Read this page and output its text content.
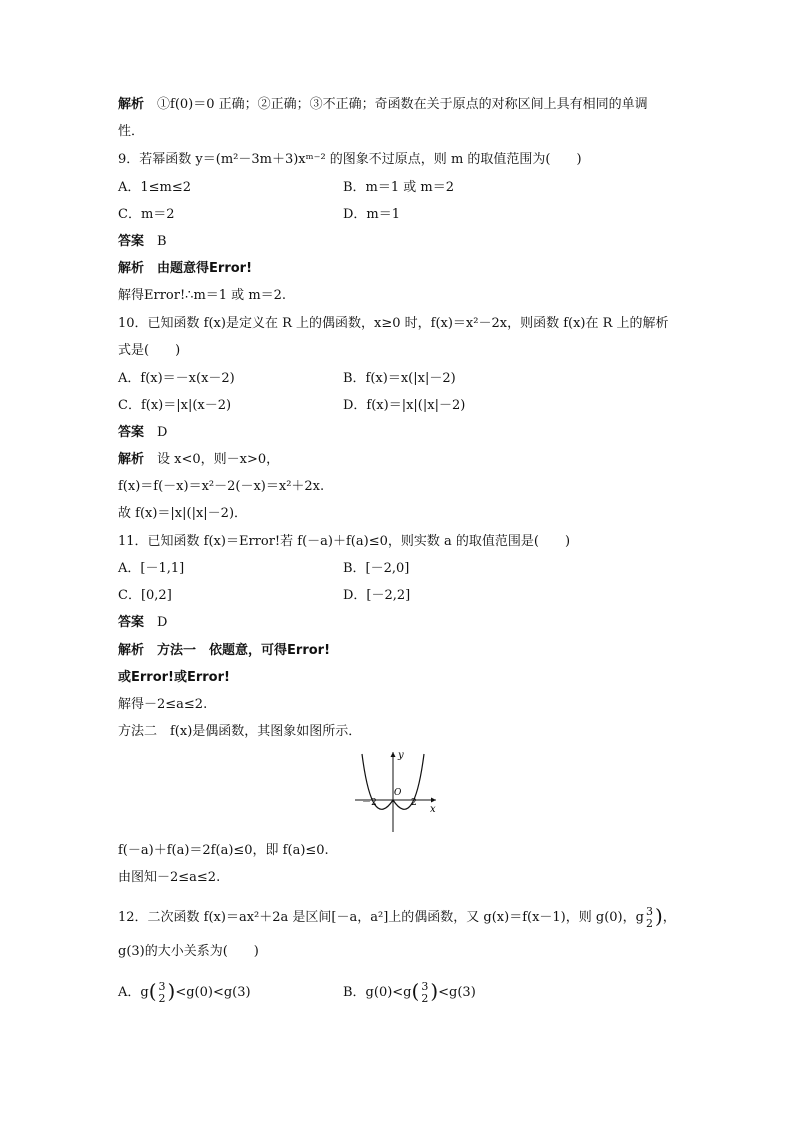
解析　 ①f(0)＝0 正确；②正确；③不正确；奇函数在关于原点的对称区间上具有相同的单调
性．
9．若幂函数 y＝(m²－3m＋3)xᵐ⁻² 的图象不过原点，则 m 的取值范围为(　　)
A．1≤m≤2	B．m＝1 或 m＝2
C．m＝2	D．m＝1
答案　 B
解析　 由题意得Error!
解得Error!∴m＝1 或 m＝2.
10．已知函数 f(x)是定义在 R 上的偶函数，x≥0 时，f(x)＝x²－2x，则函数 f(x)在 R 上的解析
式是(　　)
A．f(x)＝－x(x－2)	B．f(x)＝x(|x|－2)
C．f(x)＝|x|(x－2)	D．f(x)＝|x|(|x|－2)
答案　 D
解析　 设 x<0，则－x>0，
f(x)＝f(－x)＝x²－2(－x)＝x²＋2x.
故 f(x)＝|x|(|x|－2)．
11．已知函数 f(x)＝Error!若 f(－a)＋f(a)≤0，则实数 a 的取值范围是(　　)
A．[－1,1]	B．[－2,0]
C．[0,2]	D．[－2,2]
答案　 D
解析　 方法一　依题意，可得Error!
或Error!或Error!
解得－2≤a≤2.
方法二　f(x)是偶函数，其图象如图所示．
y
x
O
－2	2
f(－a)＋f(a)＝2f(a)≤0，即 f(a)≤0.
由图知－2≤a≤2.
12．二次函数 f(x)＝ax²＋2a 是区间[－a，a²]上的偶函数，又 g(x)＝f(x－1)，则 g(0)，g 3
2 )，
g(3)的大小关系为(　　)
A．g( 3
2 )<g(0)<g(3)	B．g(0)<g( 3
2 )<g(3)
